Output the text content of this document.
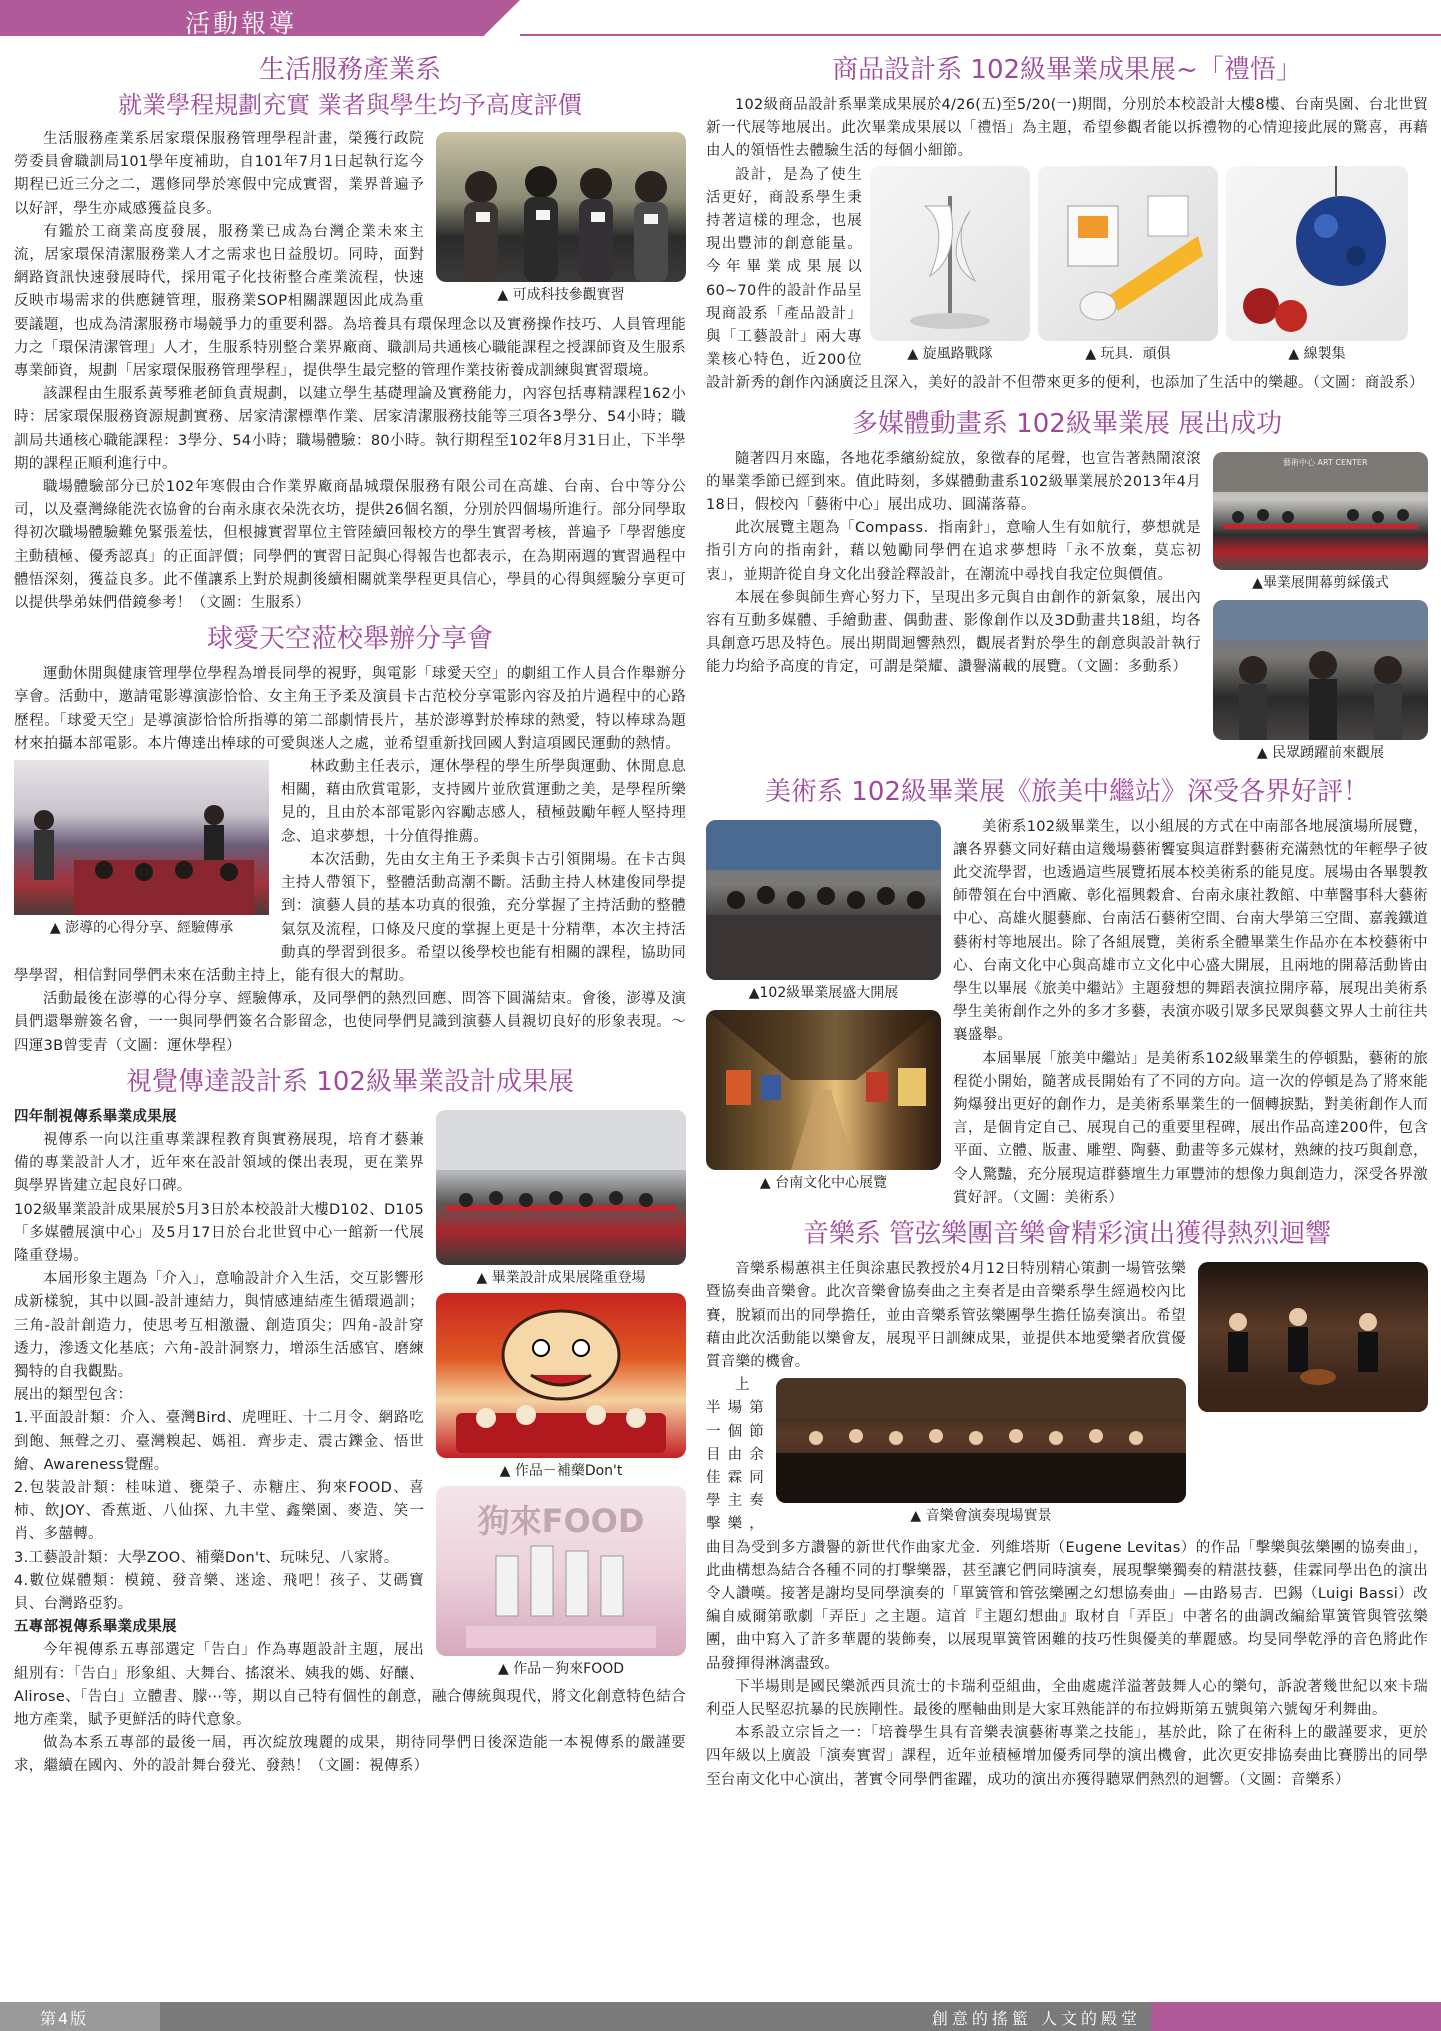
活動報導
生活服務產業系
就業學程規劃充實 業者與學生均予高度評價
▲ 可成科技參觀實習

生活服務產業系居家環保服務管理學程計畫，榮獲行政院勞委員會職訓局101學年度補助，自101年7月1日起執行迄今期程已近三分之二，選修同學於寒假中完成實習，業界普遍予以好評，學生亦咸感獲益良多。

有鑑於工商業高度發展，服務業已成為台灣企業未來主流，居家環保清潔服務業人才之需求也日益殷切。同時，面對網路資訊快速發展時代，採用電子化技術整合產業流程，快速反映市場需求的供應鏈管理，服務業SOP相關課題因此成為重要議題，也成為清潔服務市場競爭力的重要利器。為培養具有環保理念以及實務操作技巧、人員管理能力之「環保清潔管理」人才，生服系特別整合業界廠商、職訓局共通核心職能課程之授課師資及生服系專業師資，規劃「居家環保服務管理學程」，提供學生最完整的管理作業技術養成訓練與實習環境。

該課程由生服系黃琴雅老師負責規劃，以建立學生基礎理論及實務能力，內容包括專精課程162小時：居家環保服務資源規劃實務、居家清潔標準作業、居家清潔服務技能等三項各3學分、54小時；職訓局共通核心職能課程：3學分、54小時；職場體驗：80小時。執行期程至102年8月31日止，下半學期的課程正順利進行中。

職場體驗部分已於102年寒假由合作業界廠商晶城環保服務有限公司在高雄、台南、台中等分公司，以及臺灣綠能洗衣協會的台南永康衣朵洗衣坊，提供26個名額，分別於四個場所進行。部分同學取得初次職場體驗難免緊張羞怯，但根據實習單位主管陸續回報校方的學生實習考核，普遍予「學習態度主動積極、優秀認真」的正面評價；同學們的實習日記與心得報告也都表示，在為期兩週的實習過程中體悟深刻，獲益良多。此不僅讓系上對於規劃後續相關就業學程更具信心，學員的心得與經驗分享更可以提供學弟妹們借鏡參考！（文圖：生服系）

球愛天空蒞校舉辦分享會

運動休閒與健康管理學位學程為增長同學的視野，與電影「球愛天空」的劇組工作人員合作舉辦分享會。活動中，邀請電影導演澎恰恰、女主角王予柔及演員卡古范校分享電影內容及拍片過程中的心路歷程。「球愛天空」是導演澎恰恰所指導的第二部劇情長片，基於澎導對於棒球的熱愛，特以棒球為題材來拍攝本部電影。本片傳達出棒球的可愛與迷人之處，並希望重新找回國人對這項國民運動的熱情。

▲ 澎導的心得分享、經驗傳承

林政勳主任表示，運休學程的學生所學與運動、休閒息息相關，藉由欣賞電影，支持國片並欣賞運動之美，是學程所樂見的，且由於本部電影內容勵志感人，積極鼓勵年輕人堅持理念、追求夢想，十分值得推薦。

本次活動，先由女主角王予柔與卡古引領開場。在卡古與主持人帶領下，整體活動高潮不斷。活動主持人林建俊同學提到：演藝人員的基本功真的很強，充分掌握了主持活動的整體氣氛及流程，口條及尺度的掌握上更是十分精準，本次主持活動真的學習到很多。希望以後學校也能有相關的課程，協助同學學習，相信對同學們未來在活動主持上，能有很大的幫助。

活動最後在澎導的心得分享、經驗傳承，及同學們的熱烈回應、問答下圓滿結束。會後，澎導及演員們還舉辦簽名會，一一與同學們簽名合影留念，也使同學們見識到演藝人員親切良好的形象表現。～四運3B曾雯青（文圖：運休學程）

視覺傳達設計系 102級畢業設計成果展
▲ 畢業設計成果展隆重登場
▲ 作品－補藥Don't
狗來FOOD
▲ 作品－狗來FOOD

四年制視傳系畢業成果展

視傳系一向以注重專業課程教育與實務展現，培育才藝兼備的專業設計人才，近年來在設計領域的傑出表現，更在業界與學界皆建立起良好口碑。

102級畢業設計成果展於5月3日於本校設計大樓D102、D105「多媒體展演中心」及5月17日於台北世貿中心一館新一代展隆重登場。

本屆形象主題為「介入」，意喻設計介入生活，交互影響形成新樣貌，其中以圓-設計連結力，與情感連結產生循環過訓；三角-設計創造力，使思考互相激盪、創造頂尖；四角-設計穿透力，滲透文化基底；六角-設計洞察力，增添生活感官、磨練獨特的自我觀點。

展出的類型包含：

1.平面設計類：介入、臺灣Bird、虎哩旺、十二月令、網路吃到飽、無聲之刃、臺灣糗起、媽祖．齊步走、震古鑠金、悟世繪、Awareness覺醒。

2.包裝設計類：桂味道、甕榮子、赤糖庄、狗來FOOD、喜柿、飲JOY、香蕉逝、八仙探、九丰堂、鑫樂園、麥造、笑一肖、多囍轉。

3.工藝設計類：大學ZOO、補藥Don't、玩味兒、八家將。

4.數位媒體類：模鏡、發音樂、迷途、飛吧！孩子、艾碼寶貝、台灣路亞豹。

五專部視傳系畢業成果展

今年視傳系五專部選定「告白」作為專題設計主題，展出組別有：「告白」形象組、大舞台、搖滾米、姨我的媽、好釀、Alirose、「告白」立體書、朦⋯等，期以自己特有個性的創意，融合傳統與現代，將文化創意特色結合地方產業，賦予更鮮活的時代意象。

做為本系五專部的最後一屆，再次綻放瑰麗的成果，期待同學們日後深造能一本視傳系的嚴謹要求，繼續在國內、外的設計舞台發光、發熱！（文圖：視傳系）

商品設計系 102級畢業成果展~「禮悟」

102級商品設計系畢業成果展於4/26(五)至5/20(一)期間，分別於本校設計大樓8樓、台南吳園、台北世貿新一代展等地展出。此次畢業成果展以「禮悟」為主題，希望參觀者能以拆禮物的心情迎接此展的驚喜，再藉由人的領悟性去體驗生活的每個小細節。

▲ 旋風路戰隊	▲ 玩具．頑俱	▲ 線製集

設計，是為了使生活更好，商設系學生秉持著這樣的理念，也展現出豐沛的創意能量。今年畢業成果展以60~70件的設計作品呈現商設系「產品設計」與「工藝設計」兩大專業核心特色，近200位設計新秀的創作內涵廣泛且深入，美好的設計不但帶來更多的便利，也添加了生活中的樂趣。（文圖：商設系）

多媒體動畫系 102級畢業展 展出成功
藝術中心 ART CENTER
▲畢業展開幕剪綵儀式
▲ 民眾踴躍前來觀展

隨著四月來臨，各地花季繽紛綻放，象徵春的尾聲，也宣告著熱鬧滾滾的畢業季節已經到來。值此時刻，多媒體動畫系102級畢業展於2013年4月18日，假校內「藝術中心」展出成功、圓滿落幕。

此次展覽主題為「Compass．指南針」，意喻人生有如航行，夢想就是指引方向的指南針，藉以勉勵同學們在追求夢想時「永不放棄，莫忘初衷」，並期許從自身文化出發詮釋設計，在潮流中尋找自我定位與價值。

本展在參與師生齊心努力下，呈現出多元與自由創作的新氣象，展出內容有互動多媒體、手繪動畫、偶動畫、影像創作以及3D動畫共18組，均各具創意巧思及特色。展出期間迴響熱烈，觀展者對於學生的創意與設計執行能力均給予高度的肯定，可謂是榮耀、讚譽滿載的展覽。（文圖：多動系）

美術系 102級畢業展《旅美中繼站》深受各界好評！
▲102級畢業展盛大開展
▲ 台南文化中心展覽

美術系102級畢業生，以小組展的方式在中南部各地展演場所展覽，讓各界藝文同好藉由這幾場藝術饗宴與這群對藝術充滿熱忱的年輕學子彼此交流學習，也透過這些展覽拓展本校美術系的能見度。展場由各畢製教師帶領在台中酒廠、彰化福興穀倉、台南永康社教館、中華醫事科大藝術中心、高雄火腿藝廊、台南活石藝術空間、台南大學第三空間、嘉義鐵道藝術村等地展出。除了各組展覽，美術系全體畢業生作品亦在本校藝術中心、台南文化中心與高雄市立文化中心盛大開展，且兩地的開幕活動皆由學生以畢展《旅美中繼站》主題發想的舞蹈表演拉開序幕，展現出美術系學生美術創作之外的多才多藝，表演亦吸引眾多民眾與藝文界人士前往共襄盛舉。

本屆畢展「旅美中繼站」是美術系102級畢業生的停頓點，藝術的旅程從小開始，隨著成長開始有了不同的方向。這一次的停頓是為了將來能夠爆發出更好的創作力，是美術系畢業生的一個轉捩點，對美術創作人而言，是個肯定自己、展現自己的重要里程碑，展出作品高達200件，包含平面、立體、版畫、雕塑、陶藝、動畫等多元媒材，熟練的技巧與創意，令人驚豔，充分展現這群藝壇生力軍豐沛的想像力與創造力，深受各界激賞好評。（文圖：美術系）

音樂系 管弦樂團音樂會精彩演出獲得熱烈迴響

音樂系楊蕙祺主任與涂惠民教授於4月12日特別精心策劃一場管弦樂暨協奏曲音樂會。此次音樂會協奏曲之主奏者是由音樂系學生經過校內比賽，脫穎而出的同學擔任，並由音樂系管弦樂團學生擔任協奏演出。希望藉由此次活動能以樂會友，展現平日訓練成果，並提供本地愛樂者欣賞優質音樂的機會。

▲ 音樂會演奏現場實景

上半場第一個節目由余佳霖同學主奏擊樂，曲目為受到多方讚譽的新世代作曲家尤金．列維塔斯（Eugene Levitas）的作品「擊樂與弦樂團的協奏曲」，此曲構想為結合各種不同的打擊樂器，甚至讓它們同時演奏，展現擊樂獨奏的精湛技藝，佳霖同學出色的演出令人讚嘆。接著是謝均旻同學演奏的「單簧管和管弦樂團之幻想協奏曲」—由路易吉．巴錫（Luigi Bassi）改編自威爾第歌劇「弄臣」之主題。這首『主題幻想曲』取材自「弄臣」中著名的曲調改編給單簧管與管弦樂團，曲中寫入了許多華麗的裝飾奏，以展現單簧管困難的技巧性與優美的華麗感。均旻同學乾淨的音色將此作品發揮得淋漓盡致。

下半場則是國民樂派西貝流士的卡瑞利亞組曲，全曲處處洋溢著鼓舞人心的樂句，訴說著幾世紀以來卡瑞利亞人民堅忍抗暴的民族剛性。最後的壓軸曲則是大家耳熟能詳的布拉姆斯第五號與第六號匈牙利舞曲。

本系設立宗旨之一：「培養學生具有音樂表演藝術專業之技能」，基於此，除了在術科上的嚴謹要求，更於四年級以上廣設「演奏實習」課程，近年並積極增加優秀同學的演出機會，此次更安排協奏曲比賽勝出的同學至台南文化中心演出，著實令同學們雀躍，成功的演出亦獲得聽眾們熱烈的迴響。（文圖：音樂系）

第4版	創意的搖籃 人文的殿堂
